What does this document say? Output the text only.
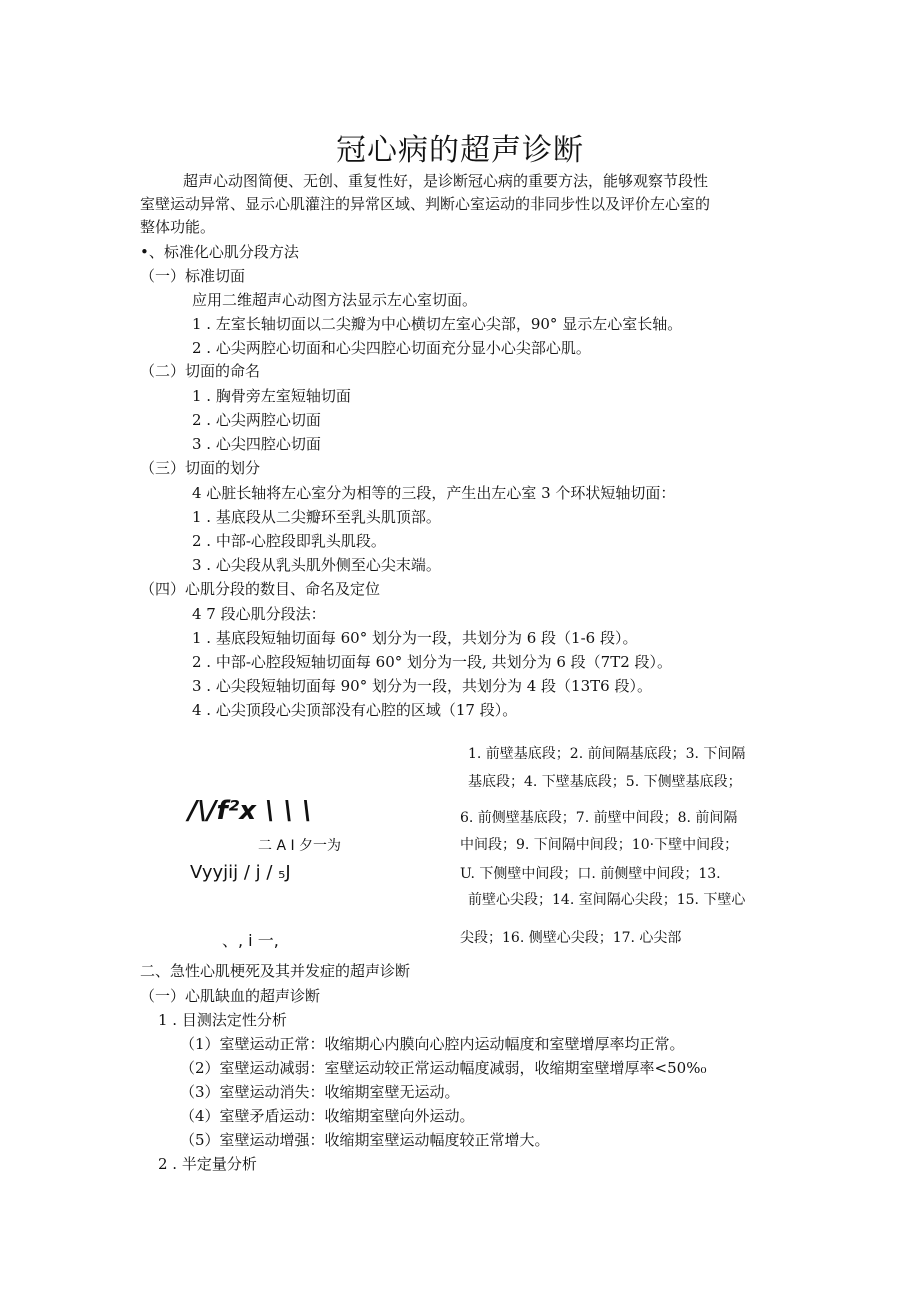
冠心病的超声诊断
超声心动图简便、无创、重复性好，是诊断冠心病的重要方法，能够观察节段性
室壁运动异常、显示心肌灌注的异常区域、判断心室运动的非同步性以及评价左心室的
整体功能。
•、标准化心肌分段方法
（一）标准切面
应用二维超声心动图方法显示左心室切面。
1 . 左室长轴切面以二尖瓣为中心横切左室心尖部，90° 显示左心室长轴。
2 . 心尖两腔心切面和心尖四腔心切面充分显小心尖部心肌。
（二）切面的命名
1 . 胸骨旁左室短轴切面
2 . 心尖两腔心切面
3 . 心尖四腔心切面
（三）切面的划分
4 心脏长轴将左心室分为相等的三段，产生出左心室 3 个环状短轴切面：
1 . 基底段从二尖瓣环至乳头肌顶部。
2 . 中部-心腔段即乳头肌段。
3 . 心尖段从乳头肌外侧至心尖末端。
（四）心肌分段的数目、命名及定位
4 7 段心肌分段法：
1 . 基底段短轴切面每 60° 划分为一段，共划分为 6 段（1-6 段）。
2 . 中部-心腔段短轴切面每 60° 划分为一段, 共划分为 6 段（7T2 段）。
3 . 心尖段短轴切面每 90° 划分为一段，共划分为 4 段（13T6 段）。
4 . 心尖顶段心尖顶部没有心腔的区域（17 段）。
/\/f²x \ \ \
二 A I 夕一为
Vyyjij / j / ₅J
、, i 一,
1. 前壁基底段；2. 前间隔基底段；3. 下间隔
基底段；4. 下壁基底段；5. 下侧壁基底段；
6. 前侧壁基底段；7. 前壁中间段；8. 前间隔
中间段；9. 下间隔中间段；10·下壁中间段；
U. 下侧壁中间段；口. 前侧壁中间段；13.
前壁心尖段；14. 室间隔心尖段；15. 下壁心
尖段；16. 侧壁心尖段；17. 心尖部
二、急性心肌梗死及其并发症的超声诊断
（一）心肌缺血的超声诊断
1 . 目测法定性分析
（1）室壁运动正常：收缩期心内膜向心腔内运动幅度和室壁增厚率均正常。
（2）室壁运动减弱：室壁运动较正常运动幅度减弱，收缩期室壁增厚率<50%₀
（3）室壁运动消失：收缩期室壁无运动。
（4）室壁矛盾运动：收缩期室壁向外运动。
（5）室壁运动增强：收缩期室壁运动幅度较正常增大。
2 . 半定量分析
